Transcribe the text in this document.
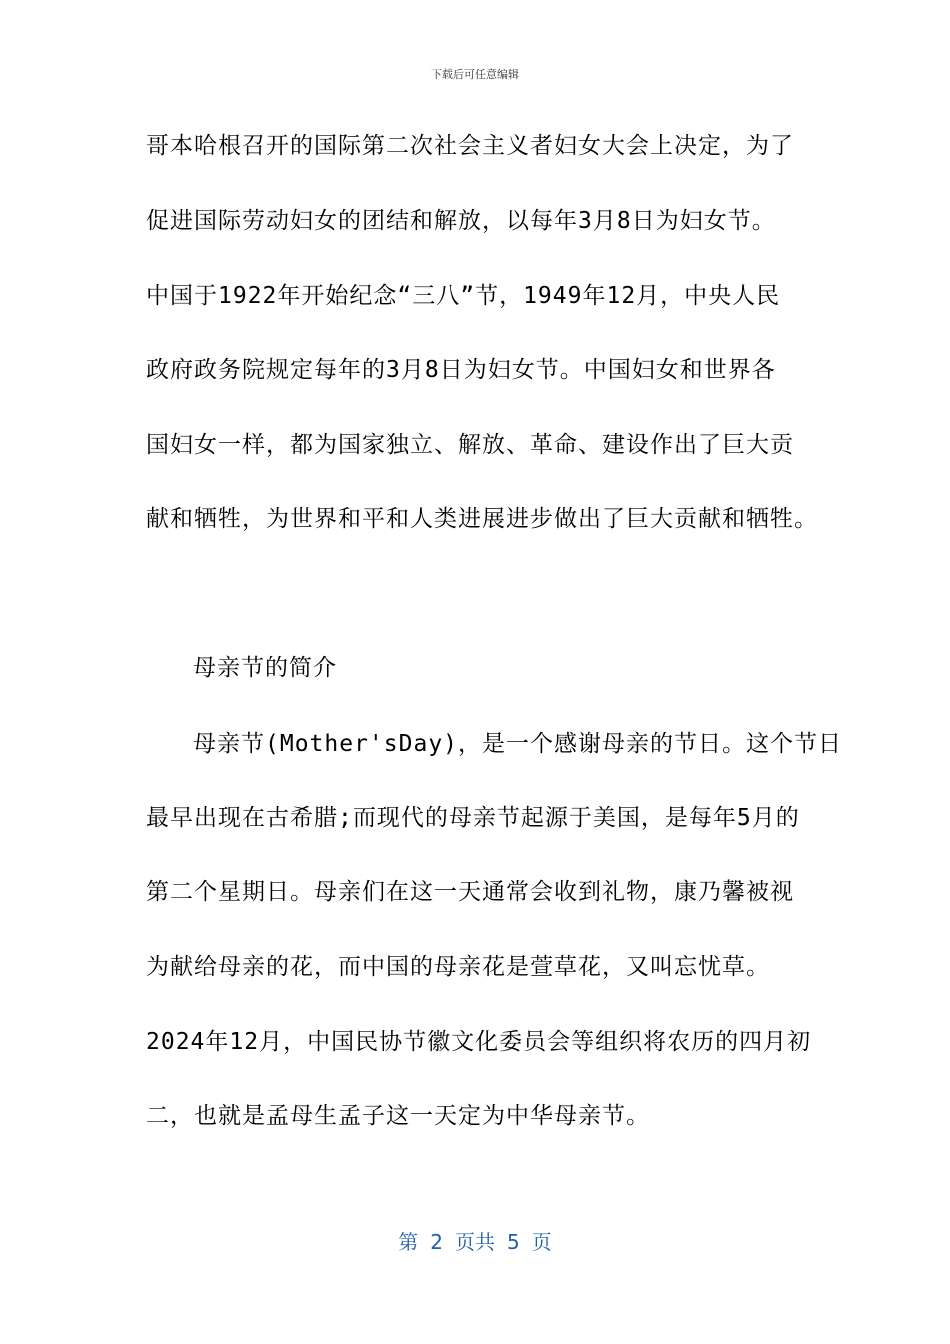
下载后可任意编辑
哥本哈根召开的国际第二次社会主义者妇女大会上决定，为了
促进国际劳动妇女的团结和解放，以每年3月8日为妇女节。
中国于1922年开始纪念“三八”节，1949年12月，中央人民
政府政务院规定每年的3月8日为妇女节。中国妇女和世界各
国妇女一样，都为国家独立、解放、革命、建设作出了巨大贡
献和牺牲，为世界和平和人类进展进步做出了巨大贡献和牺牲。
母亲节的简介
母亲节(Mother'sDay)，是一个感谢母亲的节日。这个节日
最早出现在古希腊;而现代的母亲节起源于美国，是每年5月的
第二个星期日。母亲们在这一天通常会收到礼物，康乃馨被视
为献给母亲的花，而中国的母亲花是萱草花，又叫忘忧草。
2024年12月，中国民协节徽文化委员会等组织将农历的四月初
二，也就是孟母生孟子这一天定为中华母亲节。
第 2 页共 5 页
